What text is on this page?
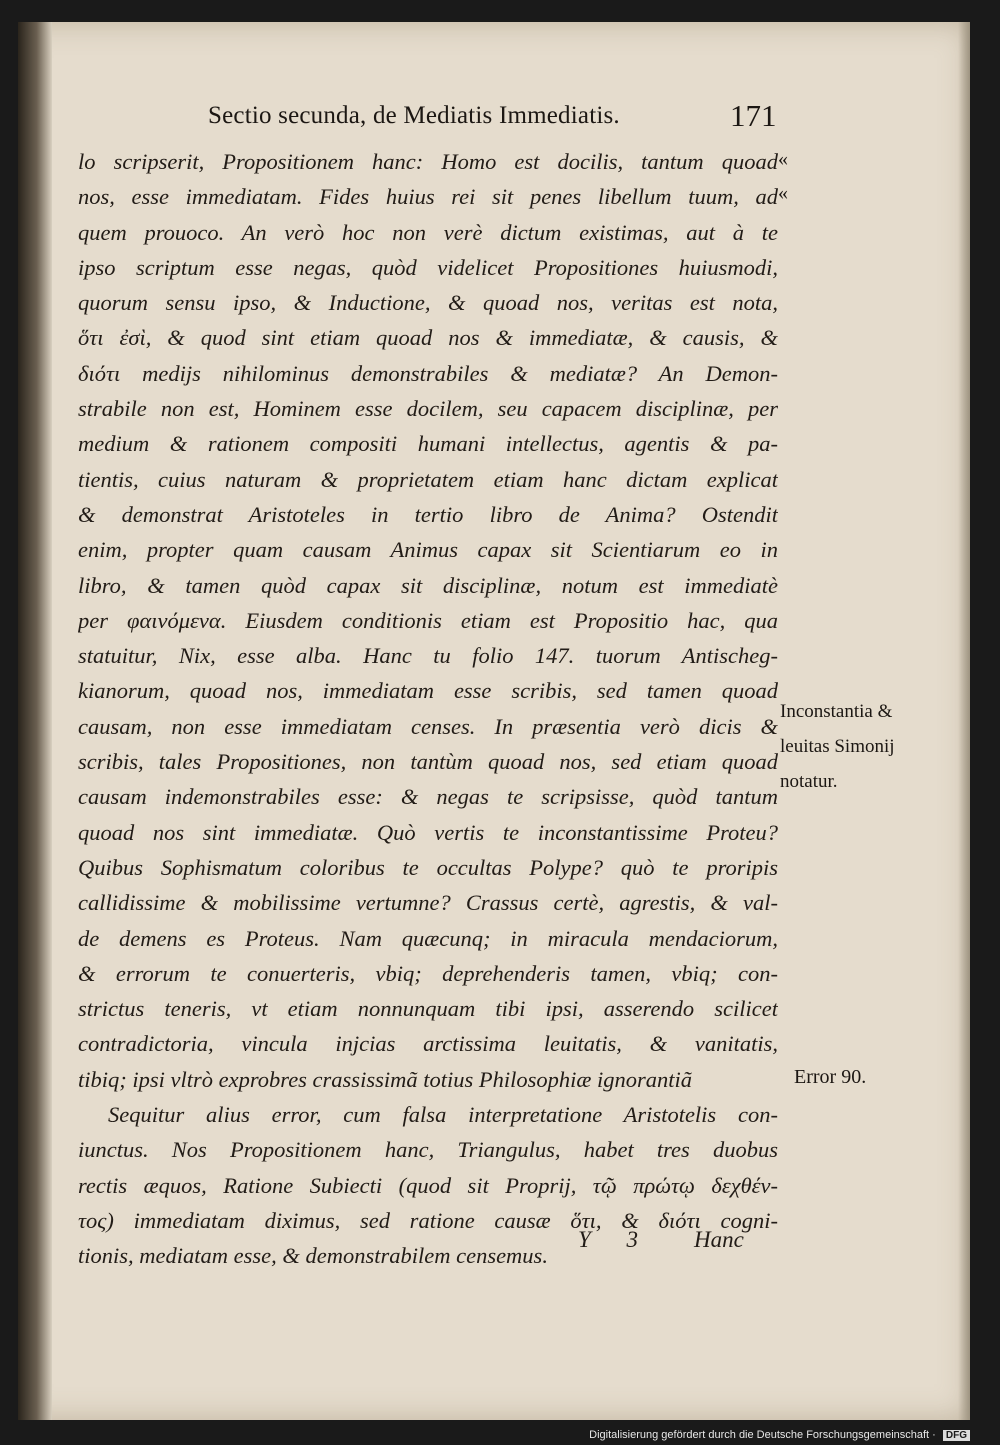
Sectio secunda, de Mediatis Immediatis.	171
«
«
lo scripserit, Propositionem hanc: Homo est docilis, tantum quoad
nos, esse immediatam. Fides huius rei sit penes libellum tuum, ad
quem prouoco. An verò hoc non verè dictum existimas, aut à te
ipso scriptum esse negas, quòd videlicet Propositiones huiusmodi,
quorum sensu ipso, & Inductione, & quoad nos, veritas est nota,
ὅτι ἐσὶ, & quod sint etiam quoad nos & immediatæ, & causis, &
διότι medijs nihilominus demonstrabiles & mediatæ? An Demon-
strabile non est, Hominem esse docilem, seu capacem disciplinæ, per
medium & rationem compositi humani intellectus, agentis & pa-
tientis, cuius naturam & proprietatem etiam hanc dictam explicat
& demonstrat Aristoteles in tertio libro de Anima? Ostendit
enim, propter quam causam Animus capax sit Scientiarum eo in
libro, & tamen quòd capax sit disciplinæ, notum est immediatè
per φαινόμενα. Eiusdem conditionis etiam est Propositio hac, qua
statuitur, Nix, esse alba. Hanc tu folio 147. tuorum Antischeg-
kianorum, quoad nos, immediatam esse scribis, sed tamen quoad
causam, non esse immediatam censes. In præsentia verò dicis &
scribis, tales Propositiones, non tantùm quoad nos, sed etiam quoad
causam indemonstrabiles esse: & negas te scripsisse, quòd tantum
quoad nos sint immediatæ. Quò vertis te inconstantissime Proteu?
Quibus Sophismatum coloribus te occultas Polype? quò te proripis
callidissime & mobilissime vertumne? Crassus certè, agrestis, & val-
de demens es Proteus. Nam quæcunq; in miracula mendaciorum,
& errorum te conuerteris, vbiq; deprehenderis tamen, vbiq; con-
strictus teneris, vt etiam nonnunquam tibi ipsi, asserendo scilicet
contradictoria, vincula injcias arctissima leuitatis, & vanitatis,
tibiq; ipsi vltrò exprobres crassissimã totius Philosophiæ ignorantiã
Sequitur alius error, cum falsa interpretatione Aristotelis con-
iunctus. Nos Propositionem hanc, Triangulus, habet tres duobus
rectis æquos, Ratione Subiecti (quod sit Proprij, τῷ πρώτῳ δεχθέν-
τος) immediatam diximus, sed ratione causæ ὅτι, & διότι cogni-
tionis, mediatam esse, & demonstrabilem censemus.
Inconstantia &
leuitas Simonij
notatur.
Error 90.
Y 3 Hanc
Digitalisierung gefördert durch die Deutsche Forschungsgemeinschaft · DFG
